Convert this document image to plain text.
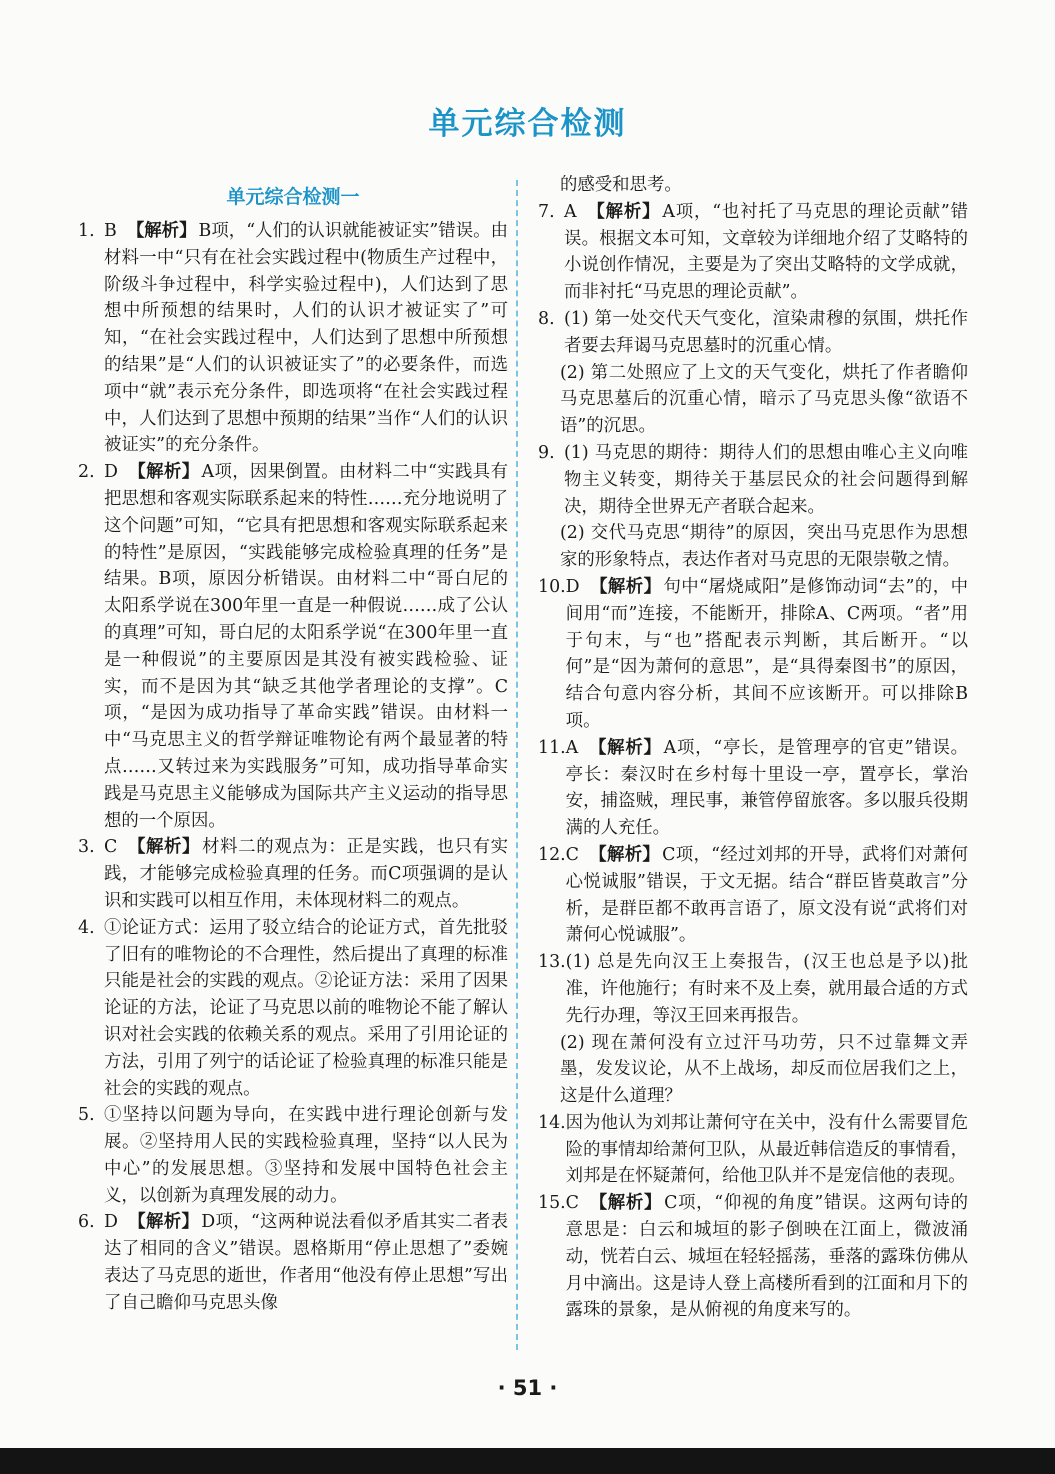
单元综合检测
单元综合检测一
1. B 【解析】 B项，“人们的认识就能被证实”错误。由材料一中“只有在社会实践过程中(物质生产过程中，阶级斗争过程中，科学实验过程中)，人们达到了思想中所预想的结果时，人们的认识才被证实了”可知，“在社会实践过程中，人们达到了思想中所预想的结果”是“人们的认识被证实了”的必要条件，而选项中“就”表示充分条件，即选项将“在社会实践过程中，人们达到了思想中预期的结果”当作“人们的认识被证实”的充分条件。
2. D 【解析】 A项，因果倒置。由材料二中“实践具有把思想和客观实际联系起来的特性……充分地说明了这个问题”可知，“它具有把思想和客观实际联系起来的特性”是原因，“实践能够完成检验真理的任务”是结果。B项，原因分析错误。由材料二中“哥白尼的太阳系学说在300年里一直是一种假说……成了公认的真理”可知，哥白尼的太阳系学说“在300年里一直是一种假说”的主要原因是其没有被实践检验、证实，而不是因为其“缺乏其他学者理论的支撑”。C项，“是因为成功指导了革命实践”错误。由材料一中“马克思主义的哲学辩证唯物论有两个最显著的特点……又转过来为实践服务”可知，成功指导革命实践是马克思主义能够成为国际共产主义运动的指导思想的一个原因。
3. C 【解析】 材料二的观点为：正是实践，也只有实践，才能够完成检验真理的任务。而C项强调的是认识和实践可以相互作用，未体现材料二的观点。
4. ①论证方式：运用了驳立结合的论证方式，首先批驳了旧有的唯物论的不合理性，然后提出了真理的标准只能是社会的实践的观点。②论证方法：采用了因果论证的方法，论证了马克思以前的唯物论不能了解认识对社会实践的依赖关系的观点。采用了引用论证的方法，引用了列宁的话论证了检验真理的标准只能是社会的实践的观点。
5. ①坚持以问题为导向，在实践中进行理论创新与发展。②坚持用人民的实践检验真理，坚持“以人民为中心”的发展思想。③坚持和发展中国特色社会主义，以创新为真理发展的动力。
6. D 【解析】 D项，“这两种说法看似矛盾其实二者表达了相同的含义”错误。恩格斯用“停止思想了”委婉表达了马克思的逝世，作者用“他没有停止思想”写出了自己瞻仰马克思头像
的感受和思考。
7. A 【解析】 A项，“也衬托了马克思的理论贡献”错误。根据文本可知，文章较为详细地介绍了艾略特的小说创作情况，主要是为了突出艾略特的文学成就，而非衬托“马克思的理论贡献”。
8. (1) 第一处交代天气变化，渲染肃穆的氛围，烘托作者要去拜谒马克思墓时的沉重心情。
(2) 第二处照应了上文的天气变化，烘托了作者瞻仰马克思墓后的沉重心情，暗示了马克思头像“欲语不语”的沉思。
9. (1) 马克思的期待：期待人们的思想由唯心主义向唯物主义转变，期待关于基层民众的社会问题得到解决，期待全世界无产者联合起来。
(2) 交代马克思“期待”的原因，突出马克思作为思想家的形象特点，表达作者对马克思的无限崇敬之情。
10. D 【解析】 句中“屠烧咸阳”是修饰动词“去”的，中间用“而”连接，不能断开，排除A、C两项。“者”用于句末，与“也”搭配表示判断，其后断开。“以何”是“因为萧何的意思”，是“具得秦图书”的原因，结合句意内容分析，其间不应该断开。可以排除B项。
11. A 【解析】 A项，“亭长，是管理亭的官吏”错误。亭长：秦汉时在乡村每十里设一亭，置亭长，掌治安，捕盗贼，理民事，兼管停留旅客。多以服兵役期满的人充任。
12. C 【解析】 C项，“经过刘邦的开导，武将们对萧何心悦诚服”错误，于文无据。结合“群臣皆莫敢言”分析，是群臣都不敢再言语了，原文没有说“武将们对萧何心悦诚服”。
13. (1) 总是先向汉王上奏报告，(汉王也总是予以)批准，许他施行；有时来不及上奏，就用最合适的方式先行办理，等汉王回来再报告。
(2) 现在萧何没有立过汗马功劳，只不过靠舞文弄墨，发发议论，从不上战场，却反而位居我们之上，这是什么道理？
14. 因为他认为刘邦让萧何守在关中，没有什么需要冒危险的事情却给萧何卫队，从最近韩信造反的事情看，刘邦是在怀疑萧何，给他卫队并不是宠信他的表现。
15. C 【解析】 C项，“仰视的角度”错误。这两句诗的意思是：白云和城垣的影子倒映在江面上，微波涌动，恍若白云、城垣在轻轻摇荡，垂落的露珠仿佛从月中滴出。这是诗人登上高楼所看到的江面和月下的露珠的景象，是从俯视的角度来写的。
· 51 ·
